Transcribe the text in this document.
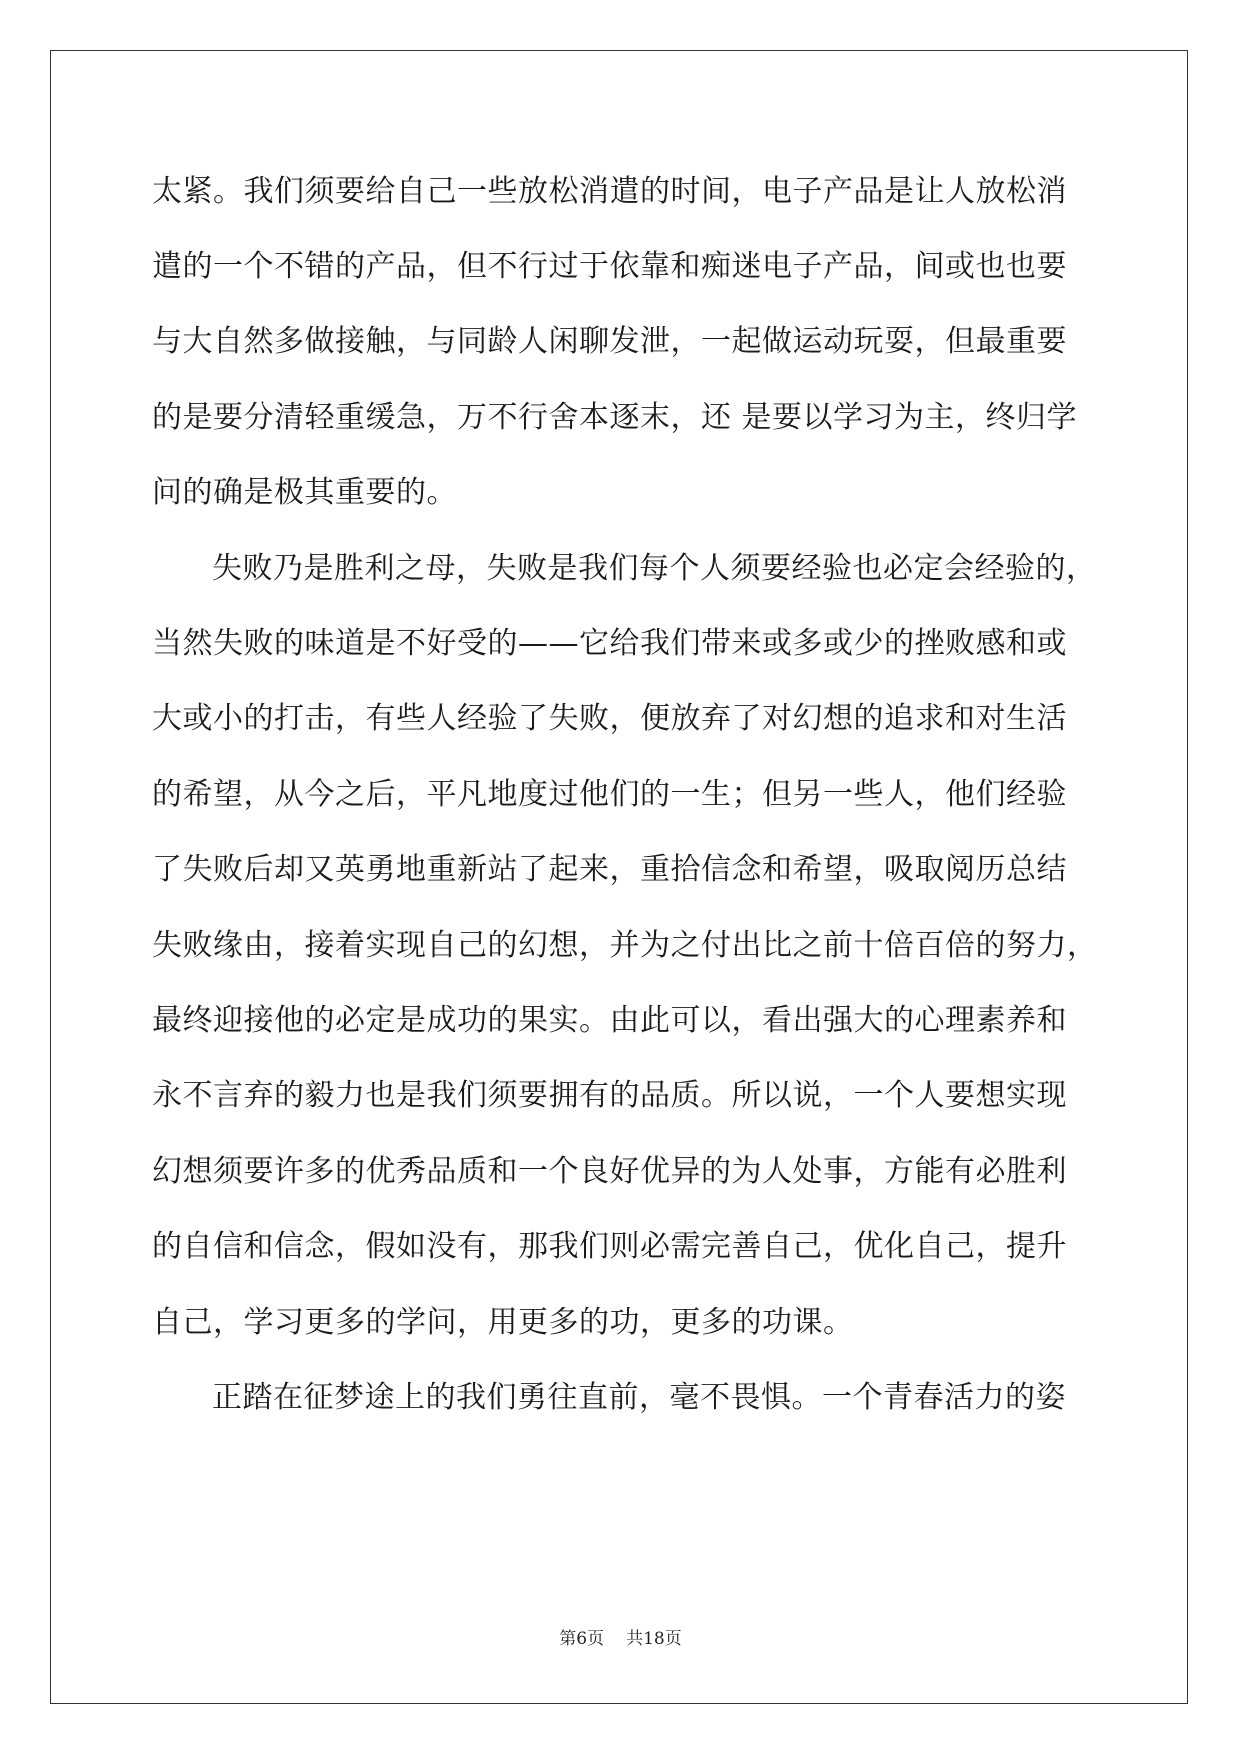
太紧。我们须要给自己一些放松消遣的时间，电子产品是让人放松消
遣的一个不错的产品，但不行过于依靠和痴迷电子产品，间或也也要
与大自然多做接触，与同龄人闲聊发泄，一起做运动玩耍，但最重要
的是要分清轻重缓急，万不行舍本逐末，还 是要以学习为主，终归学
问的确是极其重要的。
失败乃是胜利之母，失败是我们每个人须要经验也必定会经验的，
当然失败的味道是不好受的——它给我们带来或多或少的挫败感和或
大或小的打击，有些人经验了失败，便放弃了对幻想的追求和对生活
的希望，从今之后，平凡地度过他们的一生；但另一些人，他们经验
了失败后却又英勇地重新站了起来，重拾信念和希望，吸取阅历总结
失败缘由，接着实现自己的幻想，并为之付出比之前十倍百倍的努力，
最终迎接他的必定是成功的果实。由此可以，看出强大的心理素养和
永不言弃的毅力也是我们须要拥有的品质。所以说，一个人要想实现
幻想须要许多的优秀品质和一个良好优异的为人处事，方能有必胜利
的自信和信念，假如没有，那我们则必需完善自己，优化自己，提升
自己，学习更多的学问，用更多的功，更多的功课。
正踏在征梦途上的我们勇往直前，毫不畏惧。一个青春活力的姿
第6页 共18页
